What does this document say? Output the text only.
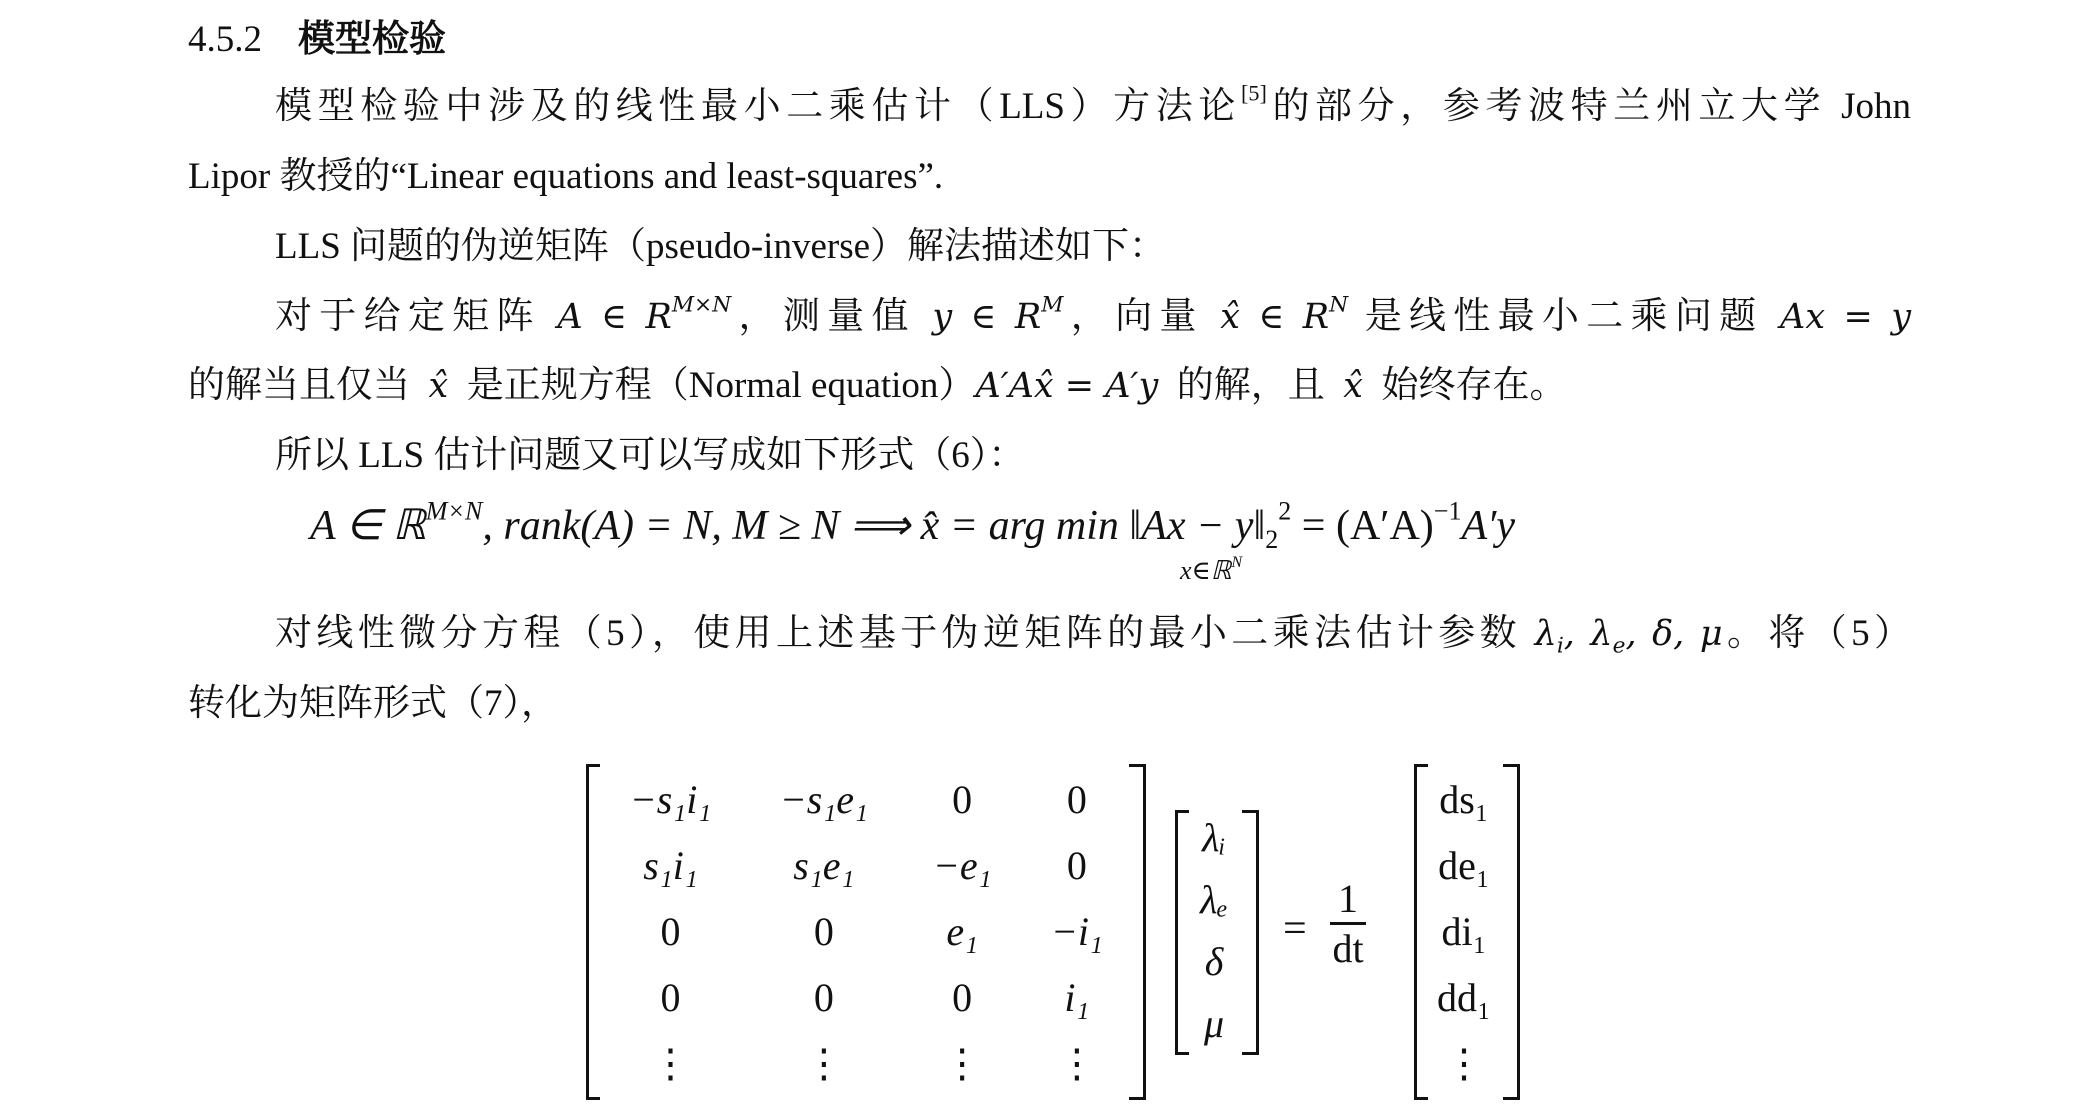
4.5.2 模型检验
模型检验中涉及的线性最小二乘估计（LLS）方法论[5]的部分，参考波特兰州立大学 John
Lipor 教授的“Linear equations and least-squares”.
LLS 问题的伪逆矩阵（pseudo-inverse）解法描述如下：
对于给定矩阵 A ∈ $R^{M\times N}$，测量值 y ∈ $R^M$，向量 x̂ ∈ $R^N$ 是线性最小二乘问题 Ax = y
的解当且仅当 x̂ 是正规方程（Normal equation）A′Ax̂ = A′y 的解，且 x̂ 始终存在。
所以 LLS 估计问题又可以写成如下形式（6）：
A ∈ ℝ$^{M\times N}$, rank(A) = N, M ≥ N ⟹ x̂ = arg min ‖Ax − $y‖_2^2 = (A'A)^{-1}A'y$
x∈ℝ$^N$
对线性微分方程（5），使用上述基于伪逆矩阵的最小二乘法估计参数 $\lambda_i$, $\lambda_e$, δ, μ。将（5）
转化为矩阵形式（7），
−s₁i₁	−s₁e₁	0	0
s₁i₁	s₁e₁	−e₁	0
0	0	e₁	−i₁
0	0	0	i₁
⋮	⋮	⋮	⋮
λᵢ
λₑ
δ
μ
= $\frac{1}{dt}$
ds₁
de₁
di₁
dd₁
⋮
